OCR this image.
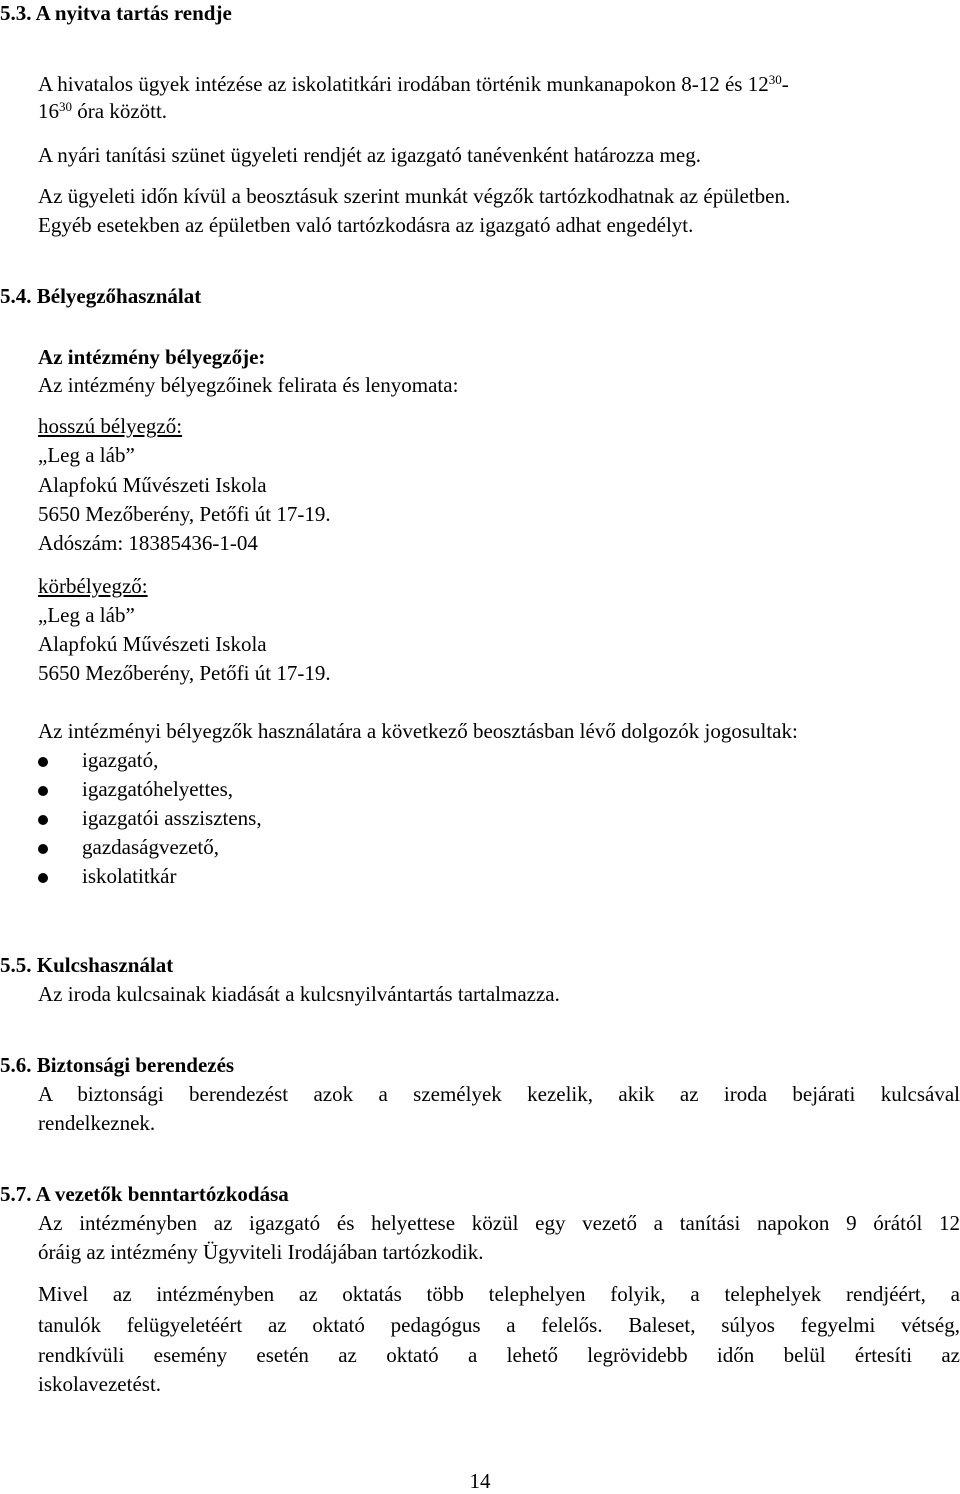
5.3. A nyitva tartás rendje
A hivatalos ügyek intézése az iskolatitkári irodában történik munkanapokon 8-12 és $12^{30}-$
$16^{30}$ óra között.
A nyári tanítási szünet ügyeleti rendjét az igazgató tanévenként határozza meg.
Az ügyeleti időn kívül a beosztásuk szerint munkát végzők tartózkodhatnak az épületben.
Egyéb esetekben az épületben való tartózkodásra az igazgató adhat engedélyt.
5.4. Bélyegzőhasználat
Az intézmény bélyegzője:
Az intézmény bélyegzőinek felirata és lenyomata:
hosszú bélyegző:
„Leg a láb”
Alapfokú Művészeti Iskola
5650 Mezőberény, Petőfi út 17-19.
Adószám: 18385436-1-04
körbélyegző:
„Leg a láb”
Alapfokú Művészeti Iskola
5650 Mezőberény, Petőfi út 17-19.
Az intézményi bélyegzők használatára a következő beosztásban lévő dolgozók jogosultak:
igazgató,
igazgatóhelyettes,
igazgatói asszisztens,
gazdaságvezető,
iskolatitkár
5.5. Kulcshasználat
Az iroda kulcsainak kiadását a kulcsnyilvántartás tartalmazza.
5.6. Biztonsági berendezés
A biztonsági berendezést azok a személyek kezelik, akik az iroda bejárati kulcsával
rendelkeznek.
5.7. A vezetők benntartózkodása
Az intézményben az igazgató és helyettese közül egy vezető a tanítási napokon 9 órától 12
óráig az intézmény Ügyviteli Irodájában tartózkodik.
Mivel az intézményben az oktatás több telephelyen folyik, a telephelyek rendjéért, a
tanulók felügyeletéért az oktató pedagógus a felelős. Baleset, súlyos fegyelmi vétség,
rendkívüli esemény esetén az oktató a lehető legrövidebb időn belül értesíti az
iskolavezetést.
14
